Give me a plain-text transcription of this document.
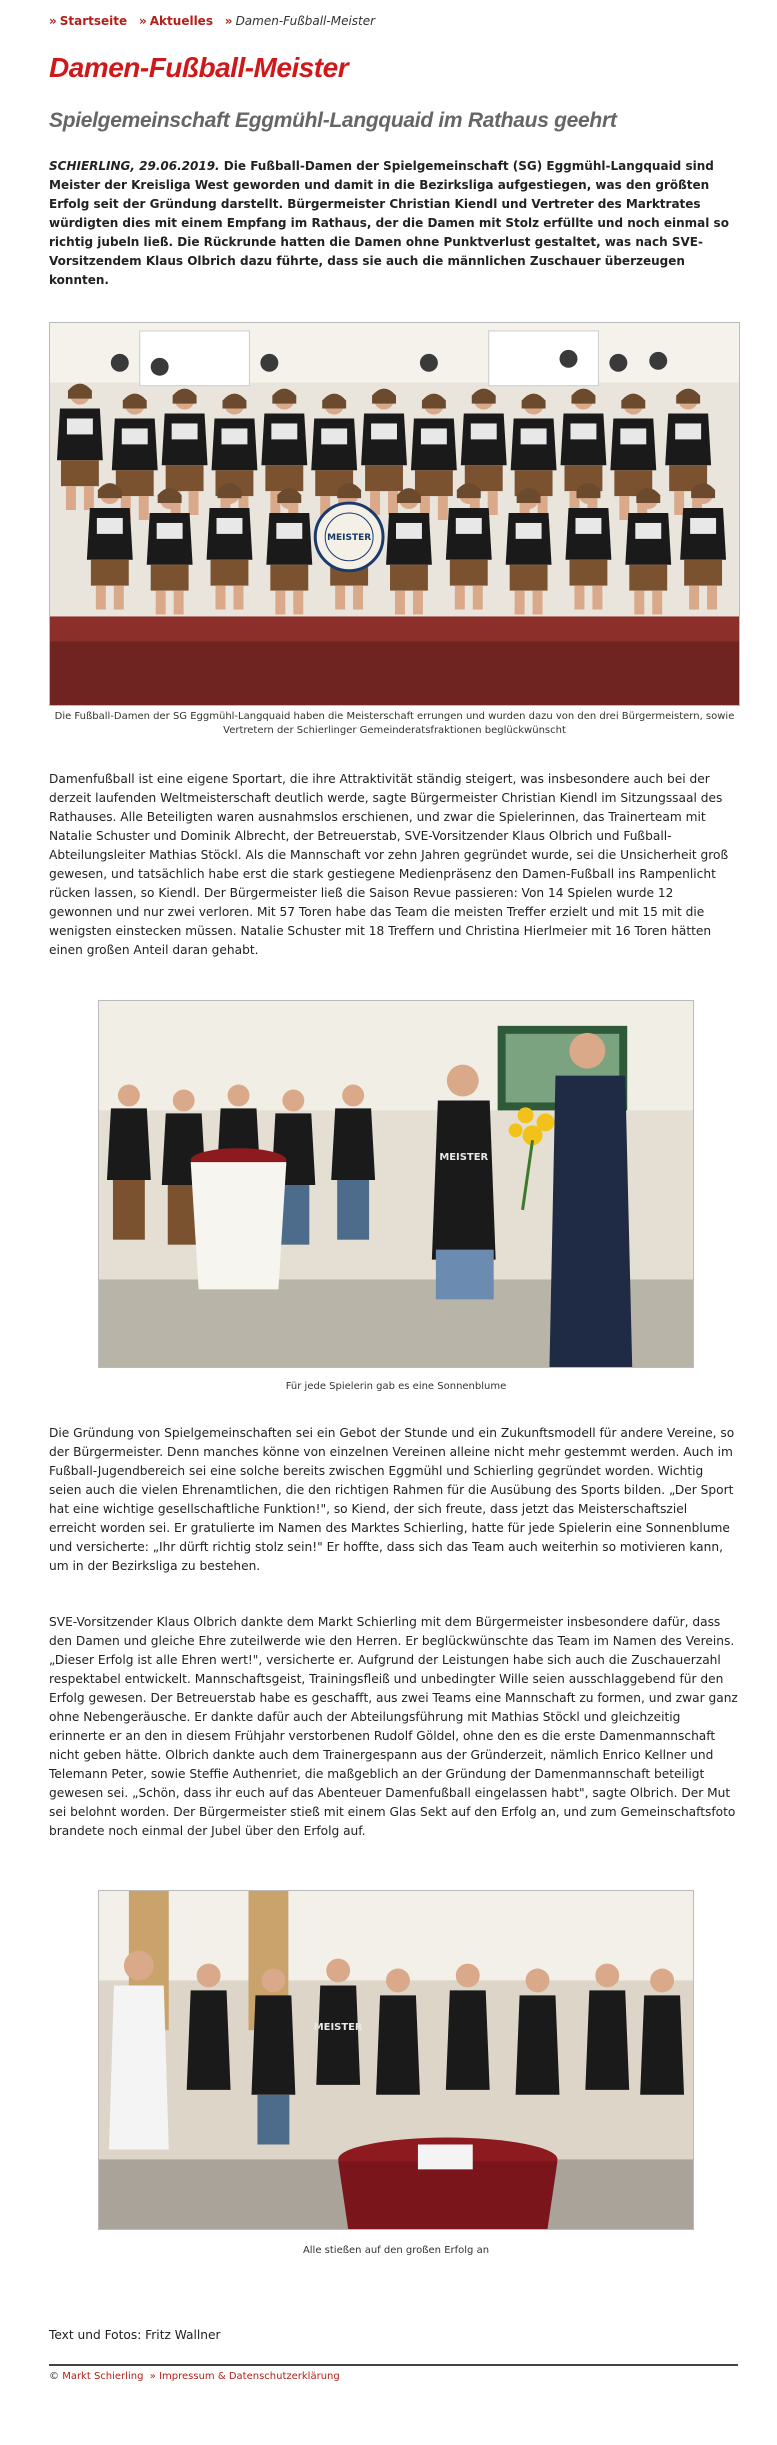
» Startseite » Aktuelles » Damen-Fußball-Meister
Damen-Fußball-Meister
Spielgemeinschaft Eggmühl-Langquaid im Rathaus geehrt

SCHIERLING, 29.06.2019. Die Fußball-Damen der Spielgemeinschaft (SG) Eggmühl-Langquaid sind Meister der Kreisliga West geworden und damit in die Bezirksliga aufgestiegen, was den größten Erfolg seit der Gründung darstellt. Bürgermeister Christian Kiendl und Vertreter des Marktrates würdigten dies mit einem Empfang im Rathaus, der die Damen mit Stolz erfüllte und noch einmal so richtig jubeln ließ. Die Rückrunde hatten die Damen ohne Punktverlust gestaltet, was nach SVE-Vorsitzendem Klaus Olbrich dazu führte, dass sie auch die männlichen Zuschauer überzeugen konnten.

MEISTER
Die Fußball-Damen der SG Eggmühl-Langquaid haben die Meisterschaft errungen und wurden dazu von den drei Bürgermeistern, sowie Vertretern der Schierlinger Gemeinderatsfraktionen beglückwünscht

Damenfußball ist eine eigene Sportart, die ihre Attraktivität ständig steigert, was insbesondere auch bei der derzeit laufenden Weltmeisterschaft deutlich werde, sagte Bürgermeister Christian Kiendl im Sitzungssaal des Rathauses. Alle Beteiligten waren ausnahmslos erschienen, und zwar die Spielerinnen, das Trainerteam mit Natalie Schuster und Dominik Albrecht, der Betreuerstab, SVE-Vorsitzender Klaus Olbrich und Fußball-Abteilungsleiter Mathias Stöckl. Als die Mannschaft vor zehn Jahren gegründet wurde, sei die Unsicherheit groß gewesen, und tatsächlich habe erst die stark gestiegene Medienpräsenz den Damen-Fußball ins Rampenlicht rücken lassen, so Kiendl. Der Bürgermeister ließ die Saison Revue passieren: Von 14 Spielen wurde 12 gewonnen und nur zwei verloren. Mit 57 Toren habe das Team die meisten Treffer erzielt und mit 15 mit die wenigsten einstecken müssen. Natalie Schuster mit 18 Treffern und Christina Hierlmeier mit 16 Toren hätten einen großen Anteil daran gehabt.

MEISTER
Für jede Spielerin gab es eine Sonnenblume

Die Gründung von Spielgemeinschaften sei ein Gebot der Stunde und ein Zukunftsmodell für andere Vereine, so der Bürgermeister. Denn manches könne von einzelnen Vereinen alleine nicht mehr gestemmt werden. Auch im Fußball-Jugendbereich sei eine solche bereits zwischen Eggmühl und Schierling gegründet worden. Wichtig seien auch die vielen Ehrenamtlichen, die den richtigen Rahmen für die Ausübung des Sports bilden. „Der Sport hat eine wichtige gesellschaftliche Funktion!", so Kiend, der sich freute, dass jetzt das Meisterschaftsziel erreicht worden sei. Er gratulierte im Namen des Marktes Schierling, hatte für jede Spielerin eine Sonnenblume und versicherte: „Ihr dürft richtig stolz sein!" Er hoffte, dass sich das Team auch weiterhin so motivieren kann, um in der Bezirksliga zu bestehen.

SVE-Vorsitzender Klaus Olbrich dankte dem Markt Schierling mit dem Bürgermeister insbesondere dafür, dass den Damen und gleiche Ehre zuteilwerde wie den Herren. Er beglückwünschte das Team im Namen des Vereins. „Dieser Erfolg ist alle Ehren wert!", versicherte er. Aufgrund der Leistungen habe sich auch die Zuschauerzahl respektabel entwickelt. Mannschaftsgeist, Trainingsfleiß und unbedingter Wille seien ausschlaggebend für den Erfolg gewesen. Der Betreuerstab habe es geschafft, aus zwei Teams eine Mannschaft zu formen, und zwar ganz ohne Nebengeräusche. Er dankte dafür auch der Abteilungsführung mit Mathias Stöckl und gleichzeitig erinnerte er an den in diesem Frühjahr verstorbenen Rudolf Göldel, ohne den es die erste Damenmannschaft nicht geben hätte. Olbrich dankte auch dem Trainergespann aus der Gründerzeit, nämlich Enrico Kellner und Telemann Peter, sowie Steffie Authenriet, die maßgeblich an der Gründung der Damenmannschaft beteiligt gewesen sei. „Schön, dass ihr euch auf das Abenteuer Damenfußball eingelassen habt", sagte Olbrich. Der Mut sei belohnt worden. Der Bürgermeister stieß mit einem Glas Sekt auf den Erfolg an, und zum Gemeinschaftsfoto brandete noch einmal der Jubel über den Erfolg auf.

MEISTER
Alle stießen auf den großen Erfolg an

Text und Fotos: Fritz Wallner

© Markt Schierling » Impressum & Datenschutzerklärung
